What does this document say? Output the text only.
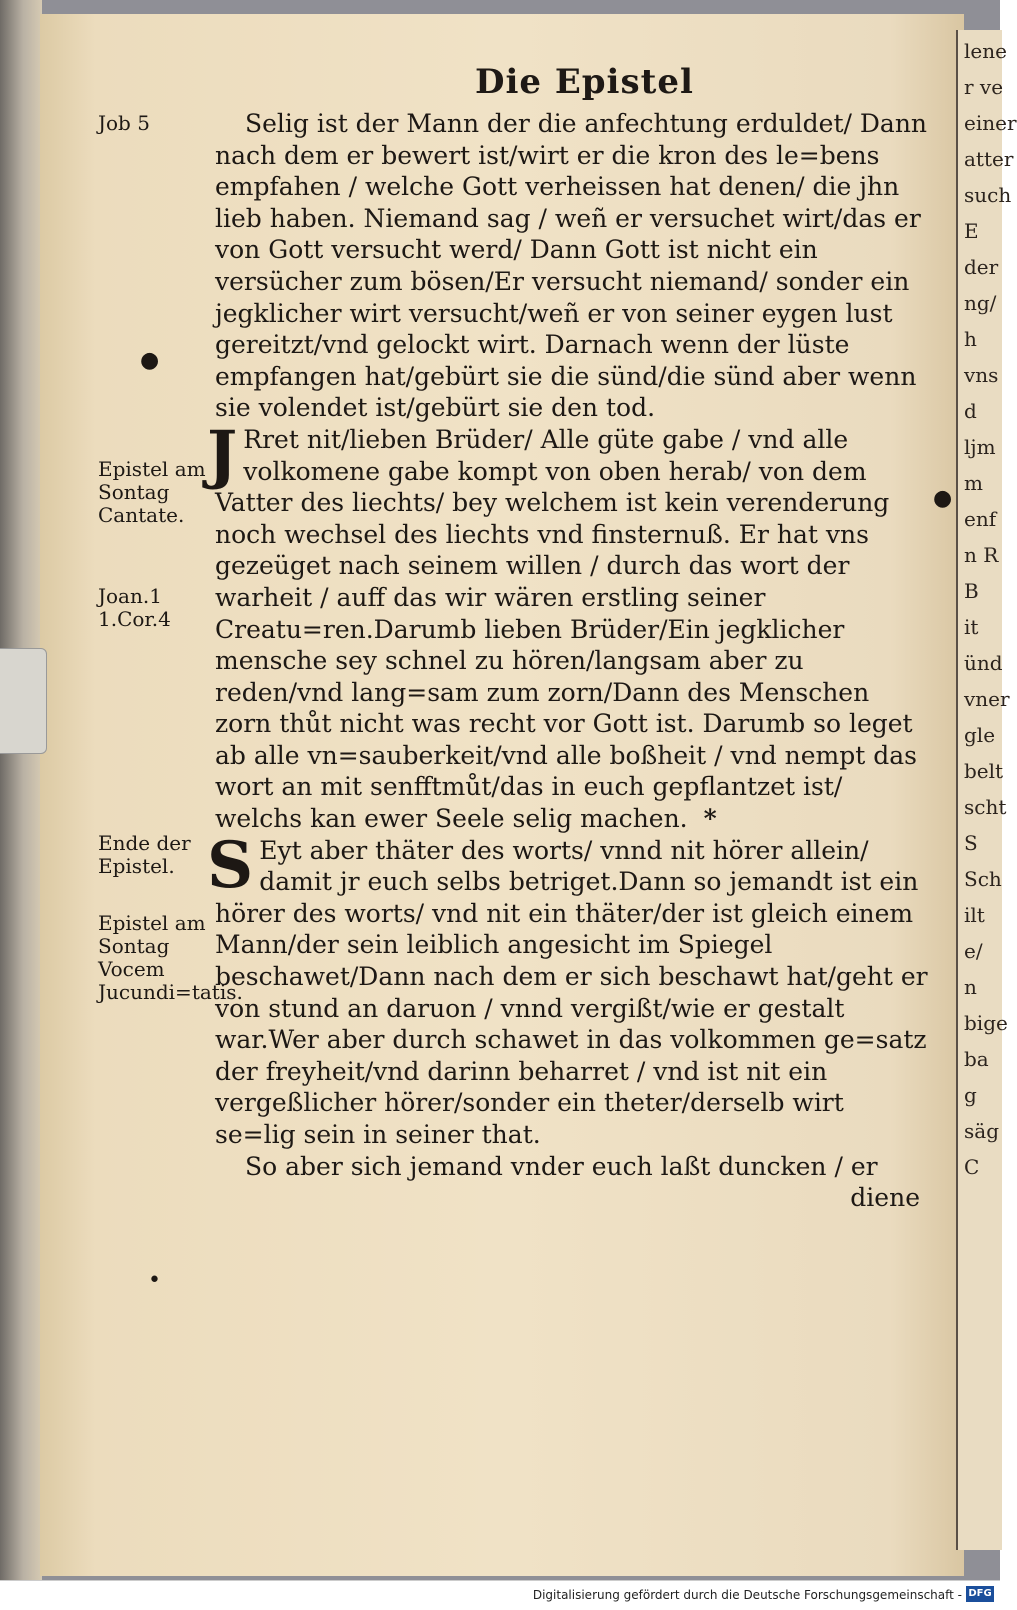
lene
r ve
einer
atter
such
E
der
ng/
h
vns
d
ljm
m
enf
n R
B
it
ünd
vner
gle
belt
scht
S
Sch
ilt
e/
n
bige
ba
g
säg
C
Die Epistel

Job 5

Epistel am Sontag Cantate.

Joan.1 1.Cor.4

Ende der Epistel.

Epistel am Sontag Vocem Jucundi=tatis.

●
●
•

Selig ist der Mann der die anfechtung erduldet/ Dann nach dem er bewert ist/wirt er die kron des le=bens empfahen / welche Gott verheissen hat denen/ die jhn lieb haben. Niemand sag / weñ er versuchet wirt/das er von Gott versucht werd/ Dann Gott ist nicht ein versücher zum bösen/Er versucht niemand/ sonder ein jegklicher wirt versucht/weñ er von seiner eygen lust gereitzt/vnd gelockt wirt. Darnach wenn der lüste empfangen hat/gebürt sie die sünd/die sünd aber wenn sie volendet ist/gebürt sie den tod.

J Rret nit/lieben Brüder/ Alle güte gabe / vnd alle volkomene gabe kompt von oben herab/ von dem Vatter des liechts/ bey welchem ist kein verenderung noch wechsel des liechts vnd finsternuß. Er hat vns gezeüget nach seinem willen / durch das wort der warheit / auff das wir wären erstling seiner Creatu=ren.Darumb lieben Brüder/Ein jegklicher mensche sey schnel zu hören/langsam aber zu reden/vnd lang=sam zum zorn/Dann des Menschen zorn thůt nicht was recht vor Gott ist. Darumb so leget ab alle vn=sauberkeit/vnd alle boßheit / vnd nempt das wort an mit senfftmůt/das in euch gepflantzet ist/ welchs kan ewer Seele selig machen. *

S Eyt aber thäter des worts/ vnnd nit hörer allein/ damit jr euch selbs betriget.Dann so jemandt ist ein hörer des worts/ vnd nit ein thäter/der ist gleich einem Mann/der sein leiblich angesicht im Spiegel beschawet/Dann nach dem er sich beschawt hat/geht er von stund an daruon / vnnd vergißt/wie er gestalt war.Wer aber durch schawet in das volkommen ge=satz der freyheit/vnd darinn beharret / vnd ist nit ein vergeßlicher hörer/sonder ein theter/derselb wirt se=lig sein in seiner that.

So aber sich jemand vnder euch laßt duncken / er

diene

Digitalisierung gefördert durch die Deutsche Forschungsgemeinschaft - DFG
